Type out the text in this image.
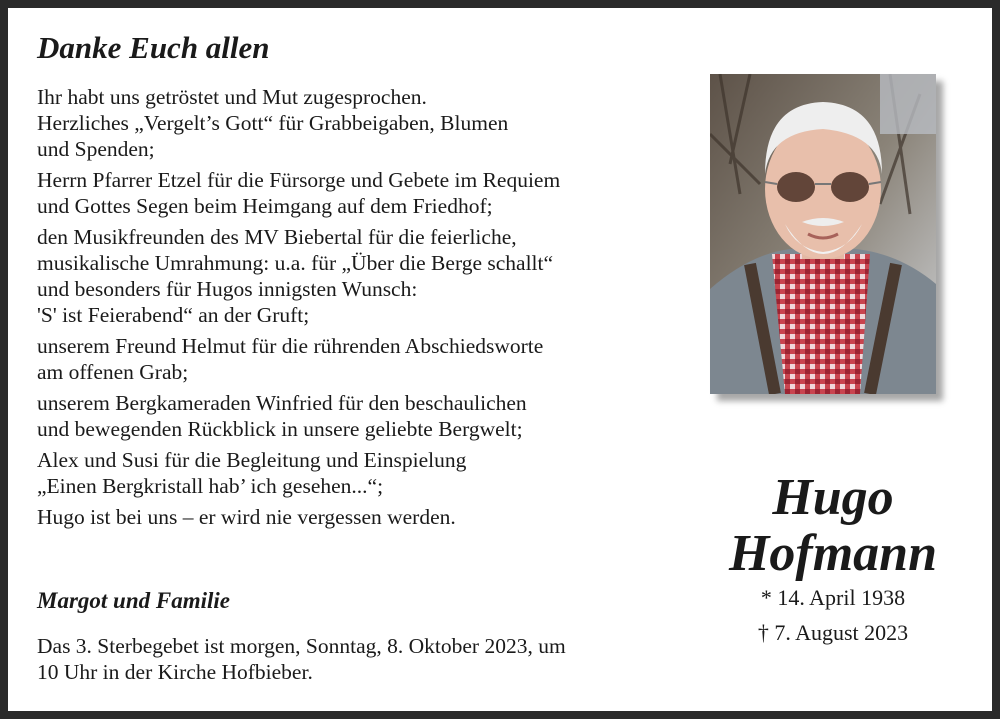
Danke Euch allen

Ihr habt uns getröstet und Mut zugesprochen.
Herzliches „Vergelt’s Gott“ für Grabbeigaben, Blumen
und Spenden;

Herrn Pfarrer Etzel für die Fürsorge und Gebete im Requiem
und Gottes Segen beim Heimgang auf dem Friedhof;

den Musikfreunden des MV Biebertal für die feierliche,
musikalische Umrahmung: u.a. für „Über die Berge schallt“
und besonders für Hugos innigsten Wunsch:
'S' ist Feierabend“ an der Gruft;

unserem Freund Helmut für die rührenden Abschiedsworte
am offenen Grab;

unserem Bergkameraden Winfried für den beschaulichen
und bewegenden Rückblick in unsere geliebte Bergwelt;

Alex und Susi für die Begleitung und Einspielung
„Einen Bergkristall hab’ ich gesehen...“;

Hugo ist bei uns – er wird nie vergessen werden.

Margot und Familie
Das 3. Sterbegebet ist morgen, Sonntag, 8. Oktober 2023, um
10 Uhr in der Kirche Hofbieber.
Hugo
Hofmann
* 14. April 1938
† 7. August 2023
